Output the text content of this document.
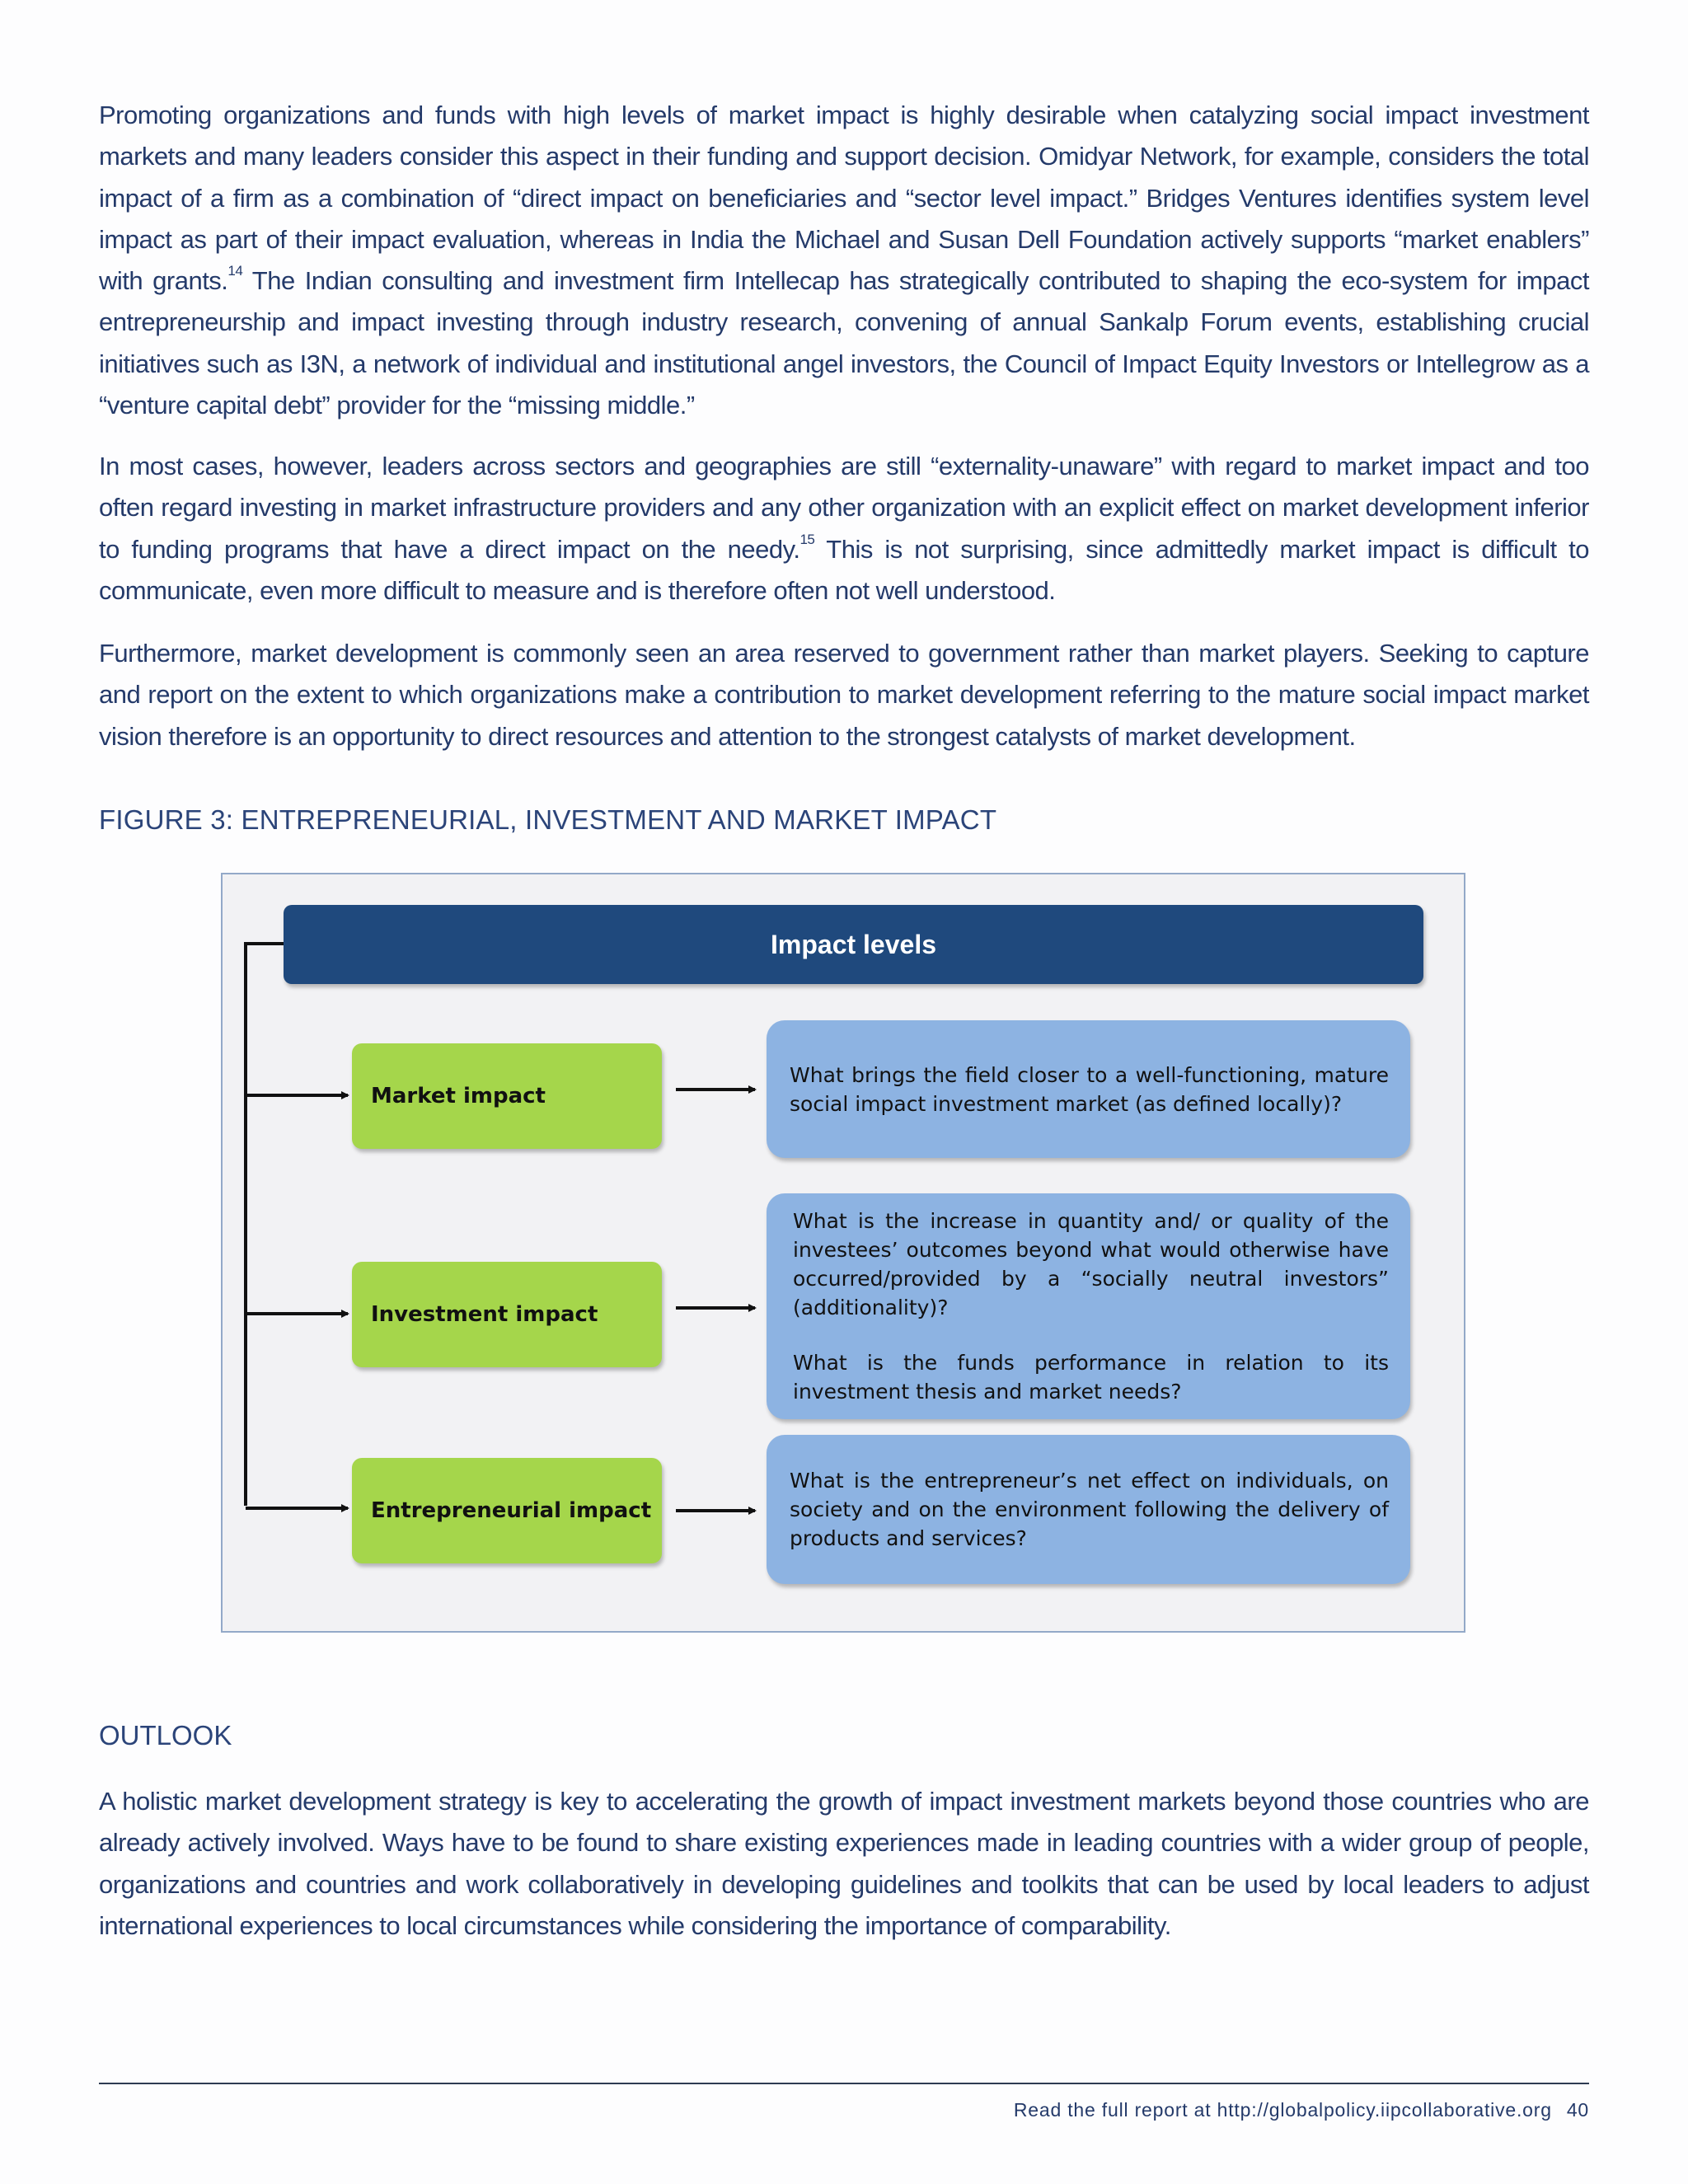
Promoting organizations and funds with high levels of market impact is highly desirable when catalyzing social impact investment markets and many leaders consider this aspect in their funding and support decision. Omidyar Network, for example, considers the total impact of a firm as a combination of “direct impact on beneficiaries and “sector level impact.” Bridges Ventures identifies system level impact as part of their impact evaluation, whereas in India the Michael and Susan Dell Foundation actively supports “market enablers” with grants.$^{14}$ The Indian consulting and investment firm Intellecap has strategically contributed to shaping the eco-system for impact entrepreneurship and impact investing through industry research, convening of annual Sankalp Forum events, establishing crucial initiatives such as I3N, a network of individual and institutional angel investors, the Council of Impact Equity Investors or Intellegrow as a “venture capital debt” provider for the “missing middle.”

In most cases, however, leaders across sectors and geographies are still “externality-unaware” with regard to market impact and too often regard investing in market infrastructure providers and any other organization with an explicit effect on market development inferior to funding programs that have a direct impact on the needy.$^{15}$ This is not surprising, since admittedly market impact is difficult to communicate, even more difficult to measure and is therefore often not well understood.

Furthermore, market development is commonly seen an area reserved to government rather than market players. Seeking to capture and report on the extent to which organizations make a contribution to market development referring to the mature social impact market vision therefore is an opportunity to direct resources and attention to the strongest catalysts of market development.

FIGURE 3: ENTREPRENEURIAL, INVESTMENT AND MARKET IMPACT
Impact levels
Market impact
Investment impact
Entrepreneurial impact

What brings the field closer to a well-functioning, mature social impact investment market (as defined locally)?

What is the increase in quantity and/ or quality of the investees’ outcomes beyond what would otherwise have occurred/provided by a “socially neutral investors” (additionality)?

What is the funds performance in relation to its investment thesis and market needs?

What is the entrepreneur’s net effect on individuals, on society and on the environment following the delivery of products and services?

OUTLOOK

A holistic market development strategy is key to accelerating the growth of impact investment markets beyond those countries who are already actively involved. Ways have to be found to share existing experiences made in leading countries with a wider group of people, organizations and countries and work collaboratively in developing guidelines and toolkits that can be used by local leaders to adjust international experiences to local circumstances while considering the importance of comparability.

Read the full report at http://globalpolicy.iipcollaborative.org 40
